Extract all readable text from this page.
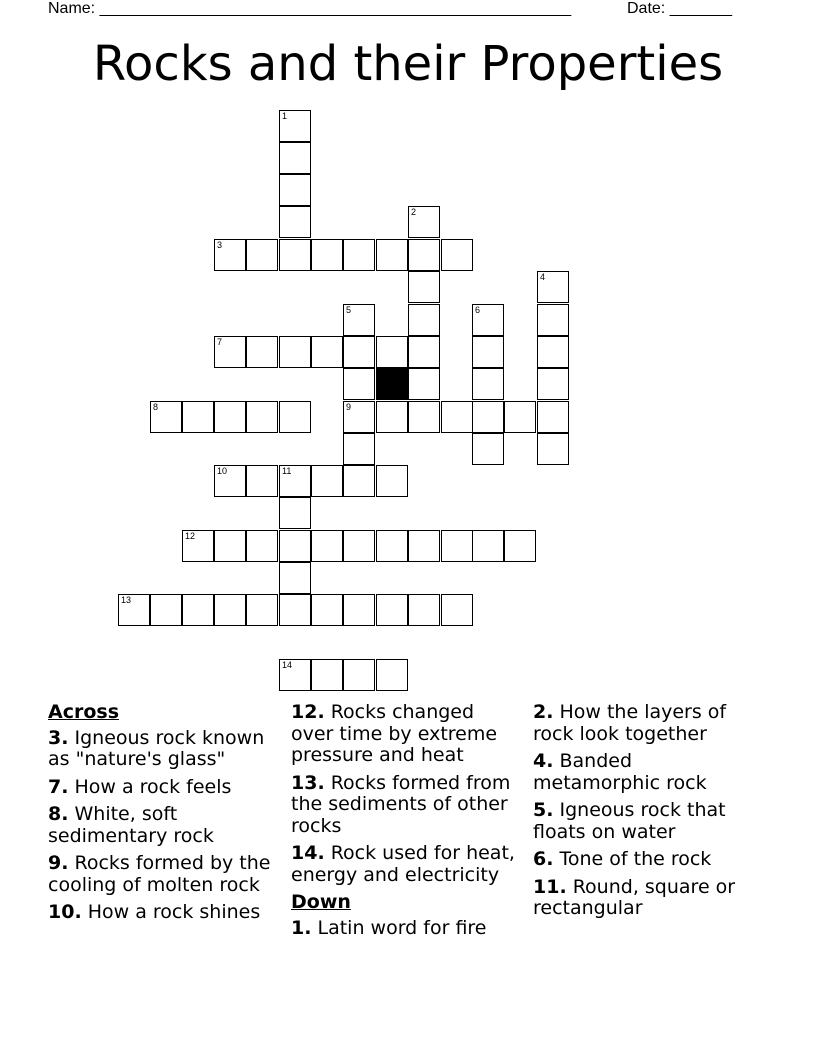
Name: _____________________________________________________	Date: _______
Rocks and their Properties
1
3
2
4
5	6
7
8	9
10	11
12
13
14
Across
3. Igneous rock known as "nature's glass"
7. How a rock feels
8. White, soft sedimentary rock
9. Rocks formed by the cooling of molten rock
10. How a rock shines
12. Rocks changed over time by extreme pressure and heat
13. Rocks formed from the sediments of other rocks
14. Rock used for heat, energy and electricity
Down
1. Latin word for fire
2. How the layers of rock look together
4. Banded metamorphic rock
5. Igneous rock that floats on water
6. Tone of the rock
11. Round, square or rectangular
